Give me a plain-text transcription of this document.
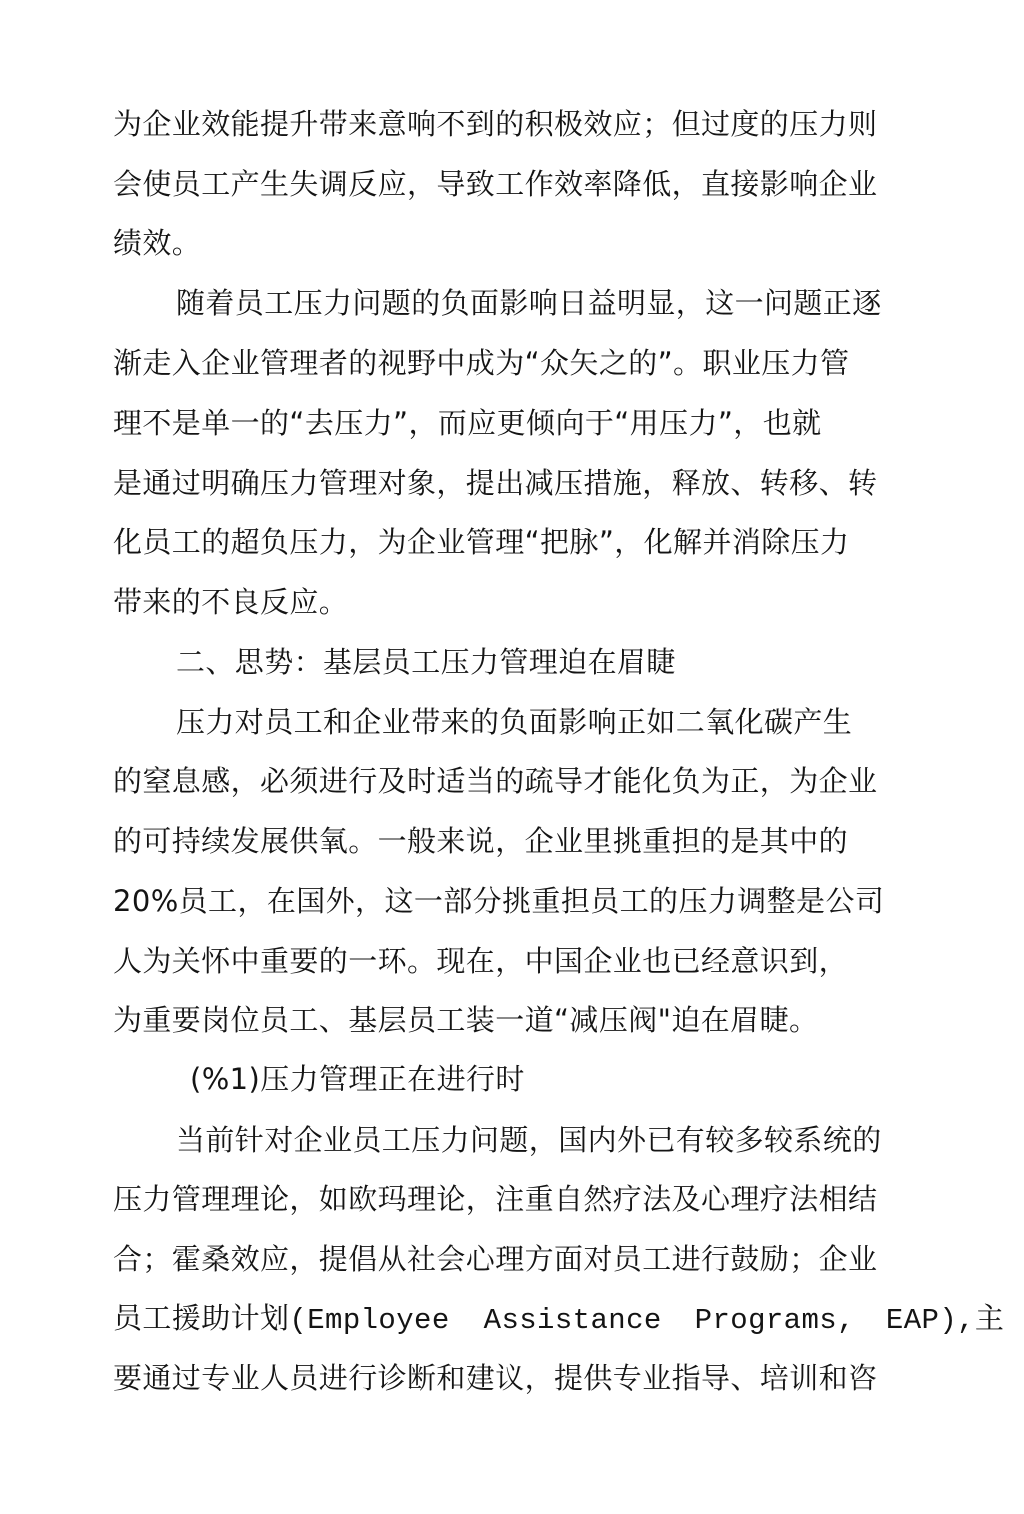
为企业效能提升带来意响不到的积极效应；但过度的压力则

会使员工产生失调反应，导致工作效率降低，直接影响企业

绩效。

随着员工压力问题的负面影响日益明显，这一问题正逐

渐走入企业管理者的视野中成为“众矢之的”。职业压力管

理不是单一的“去压力”，而应更倾向于“用压力”，也就

是通过明确压力管理对象，提出减压措施，释放、转移、转

化员工的超负压力，为企业管理“把脉”，化解并消除压力

带来的不良反应。

二、思势：基层员工压力管理迫在眉睫

压力对员工和企业带来的负面影响正如二氧化碳产生

的窒息感，必须进行及时适当的疏导才能化负为正，为企业

的可持续发展供氧。一般来说，企业里挑重担的是其中的

20%员工，在国外，这一部分挑重担员工的压力调整是公司

人为关怀中重要的一环。现在，中国企业也已经意识到，

为重要岗位员工、基层员工装一道“减压阀"迫在眉睫。

(%1)压力管理正在进行时

当前针对企业员工压力问题，国内外已有较多较系统的

压力管理理论，如欧玛理论，注重自然疗法及心理疗法相结

合；霍桑效应，提倡从社会心理方面对员工进行鼓励；企业

员工援助计划(Employee Assistance Programs, EAP),主

要通过专业人员进行诊断和建议，提供专业指导、培训和咨
